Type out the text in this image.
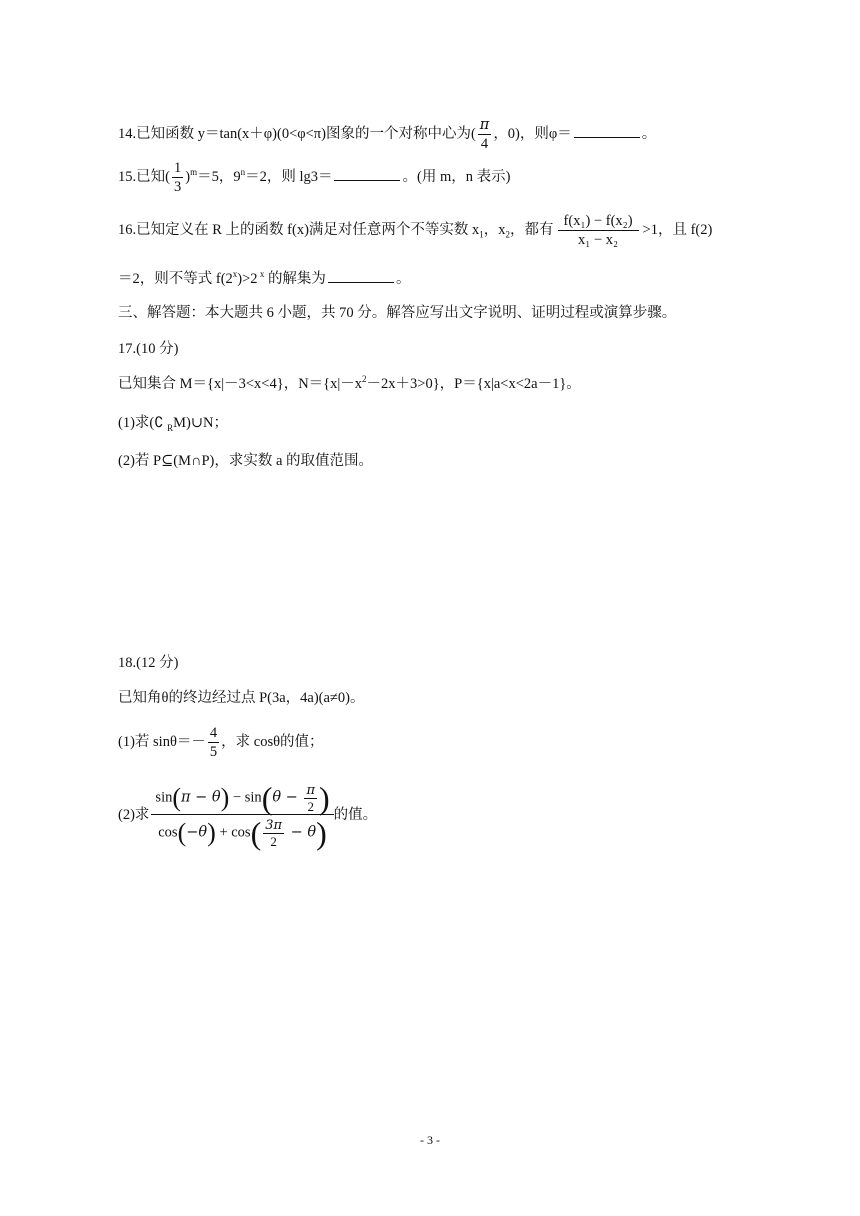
14.已知函数 y＝tan(x＋φ)(0<φ<π)图象的一个对称中心为( $\frac{\pi}{4}$ ，0)，则φ＝	。
15.已知( $\frac{1}{3} )^m=5$，$9^n=2$，则 lg3＝	。(用 m，n 表示)
16.已知定义在 R 上的函数 f(x)满足对任意两个不等实数 $x_1$，$x_2$，都有 $\frac{\text{f(x₁) − f(x₂)}}{\text{x₁ − x₂}} >1$，且 f(2)
＝2，则不等式 $f(2^x)>2$ $^x$ 的解集为	。
三、解答题：本大题共 6 小题，共 70 分。解答应写出文字说明、证明过程或演算步骤。
17.(10 分)
已知集合 M＝{x|－3<x<4}，$N=\{x|-x^2-2x+3>0\}$，P＝{x|a<x<2a－1}。
(1)求(∁ $_R$M)∪N；
(2)若 P⊆(M∩P)，求实数 a 的取值范围。
18.(12 分)
已知角θ的终边经过点 P(3a，4a)(a≠0)。
(1)若 $\sin\theta=- \frac{4}{5}$ ，求 cosθ的值；
(2)求 $\frac{\sin(\pi - \theta) - \sin(\theta - \frac{\pi}{2} )}{\cos(-\theta) + \cos( \frac{3\pi}{2} - \theta)}$ 的值。
- 3 -
